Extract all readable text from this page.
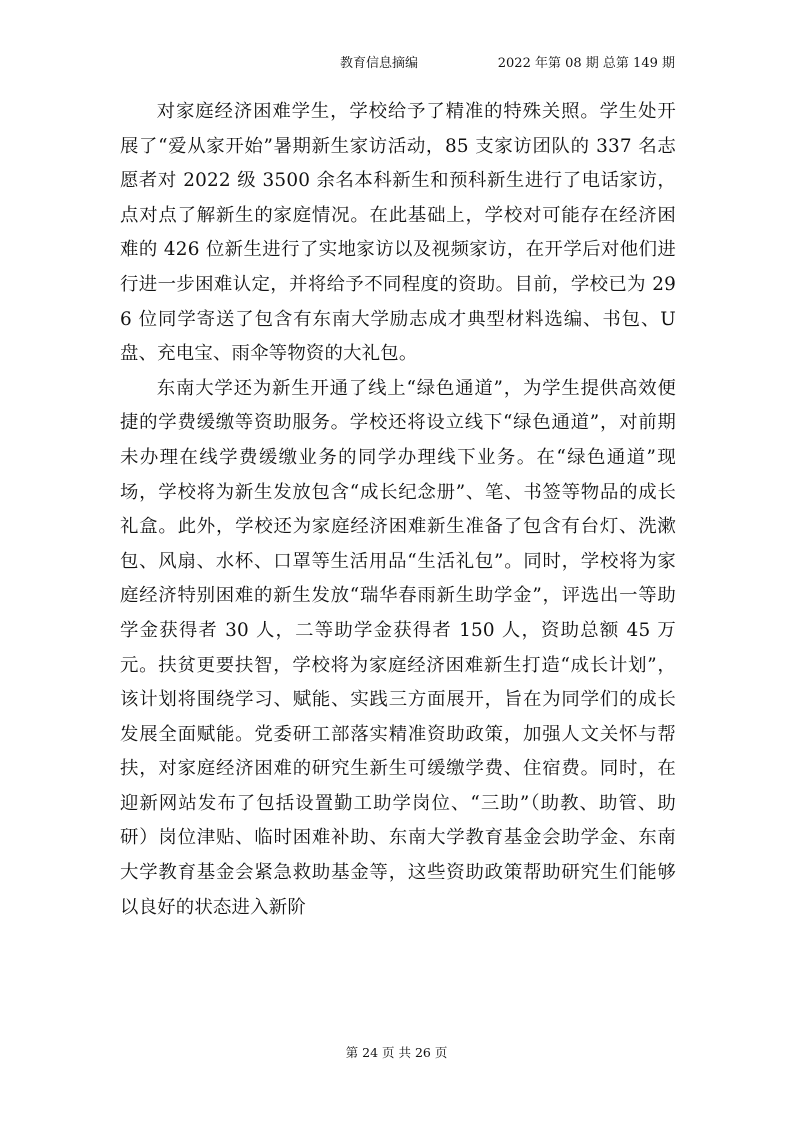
教育信息摘编	2022 年第 08 期 总第 149 期

对家庭经济困难学生，学校给予了精准的特殊关照。学生处开展了“爱从家开始”暑期新生家访活动，85 支家访团队的 337 名志愿者对 2022 级 3500 余名本科新生和预科新生进行了电话家访，点对点了解新生的家庭情况。在此基础上，学校对可能存在经济困难的 426 位新生进行了实地家访以及视频家访，在开学后对他们进行进一步困难认定，并将给予不同程度的资助。目前，学校已为 296 位同学寄送了包含有东南大学励志成才典型材料选编、书包、U 盘、充电宝、雨伞等物资的大礼包。

东南大学还为新生开通了线上“绿色通道”，为学生提供高效便捷的学费缓缴等资助服务。学校还将设立线下“绿色通道”，对前期未办理在线学费缓缴业务的同学办理线下业务。在“绿色通道”现场，学校将为新生发放包含“成长纪念册”、笔、书签等物品的成长礼盒。此外，学校还为家庭经济困难新生准备了包含有台灯、洗漱包、风扇、水杯、口罩等生活用品“生活礼包”。同时，学校将为家庭经济特别困难的新生发放“瑞华春雨新生助学金”，评选出一等助学金获得者 30 人，二等助学金获得者 150 人，资助总额 45 万元。扶贫更要扶智，学校将为家庭经济困难新生打造“成长计划”，该计划将围绕学习、赋能、实践三方面展开，旨在为同学们的成长发展全面赋能。党委研工部落实精准资助政策，加强人文关怀与帮扶，对家庭经济困难的研究生新生可缓缴学费、住宿费。同时，在迎新网站发布了包括设置勤工助学岗位、“三助”（助教、助管、助研）岗位津贴、临时困难补助、东南大学教育基金会助学金、东南大学教育基金会紧急救助基金等，这些资助政策帮助研究生们能够以良好的状态进入新阶

第 24 页 共 26 页
